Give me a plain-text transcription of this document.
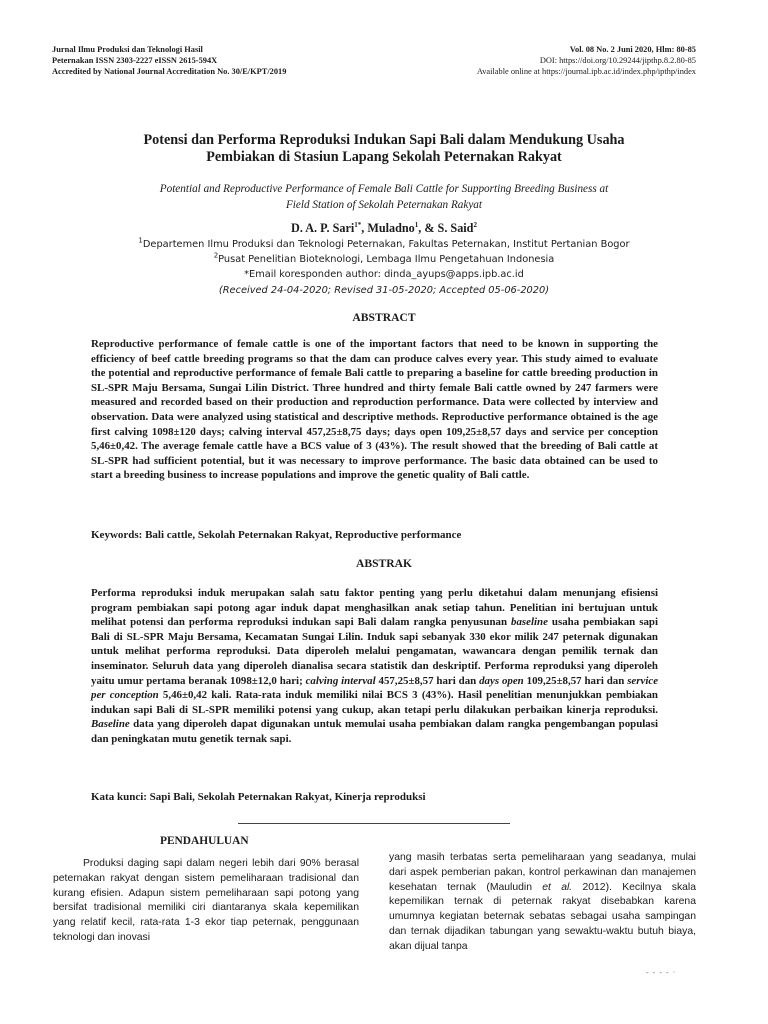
Jurnal Ilmu Produksi dan Teknologi Hasil
Peternakan ISSN 2303-2227 eISSN 2615-594X
Accredited by National Journal Accreditation No. 30/E/KPT/2019
Vol. 08 No. 2 Juni 2020, Hlm: 80-85
DOI: https://doi.org/10.29244/jipthp.8.2.80-85
Available online at https://journal.ipb.ac.id/index.php/ipthp/index
Potensi dan Performa Reproduksi Indukan Sapi Bali dalam Mendukung Usaha
Pembiakan di Stasiun Lapang Sekolah Peternakan Rakyat
Potential and Reproductive Performance of Female Bali Cattle for Supporting Breeding Business at
Field Station of Sekolah Peternakan Rakyat
D. A. P. Sari$^{1*}$, Muladno$^1$, & S. Said$^2$
$^1$Departemen Ilmu Produksi dan Teknologi Peternakan, Fakultas Peternakan, Institut Pertanian Bogor
$^2$Pusat Penelitian Bioteknologi, Lembaga Ilmu Pengetahuan Indonesia
*Email koresponden author: dinda_ayups@apps.ipb.ac.id
(Received 24-04-2020; Revised 31-05-2020; Accepted 05-06-2020)
ABSTRACT
Reproductive performance of female cattle is one of the important factors that need to be known in supporting the efficiency of beef cattle breeding programs so that the dam can produce calves every year. This study aimed to evaluate the potential and reproductive performance of female Bali cattle to preparing a baseline for cattle breeding production in SL-SPR Maju Bersama, Sungai Lilin District. Three hundred and thirty female Bali cattle owned by 247 farmers were measured and recorded based on their production and reproduction performance. Data were collected by interview and observation. Data were analyzed using statistical and descriptive methods. Reproductive performance obtained is the age first calving 1098±120 days; calving interval 457,25±8,75 days; days open 109,25±8,57 days and service per conception 5,46±0,42. The average female cattle have a BCS value of 3 (43%). The result showed that the breeding of Bali cattle at SL-SPR had sufficient potential, but it was necessary to improve performance. The basic data obtained can be used to start a breeding business to increase populations and improve the genetic quality of Bali cattle.
Keywords: Bali cattle, Sekolah Peternakan Rakyat, Reproductive performance
ABSTRAK
Performa reproduksi induk merupakan salah satu faktor penting yang perlu diketahui dalam menunjang efisiensi program pembiakan sapi potong agar induk dapat menghasilkan anak setiap tahun. Penelitian ini bertujuan untuk melihat potensi dan performa reproduksi indukan sapi Bali dalam rangka penyusunan baseline usaha pembiakan sapi Bali di SL-SPR Maju Bersama, Kecamatan Sungai Lilin. Induk sapi sebanyak 330 ekor milik 247 peternak digunakan untuk melihat performa reproduksi. Data diperoleh melalui pengamatan, wawancara dengan pemilik ternak dan inseminator. Seluruh data yang diperoleh dianalisa secara statistik dan deskriptif. Performa reproduksi yang diperoleh yaitu umur pertama beranak 1098±12,0 hari; calving interval 457,25±8,57 hari dan days open 109,25±8,57 hari dan service per conception 5,46±0,42 kali. Rata-rata induk memiliki nilai BCS 3 (43%). Hasil penelitian menunjukkan pembiakan indukan sapi Bali di SL-SPR memiliki potensi yang cukup, akan tetapi perlu dilakukan perbaikan kinerja reproduksi. Baseline data yang diperoleh dapat digunakan untuk memulai usaha pembiakan dalam rangka pengembangan populasi dan peningkatan mutu genetik ternak sapi.
Kata kunci: Sapi Bali, Sekolah Peternakan Rakyat, Kinerja reproduksi
PENDAHULUAN
Produksi daging sapi dalam negeri lebih dari 90% berasal peternakan rakyat dengan sistem pemeliharaan tradisional dan kurang efisien. Adapun sistem pemeliharaan sapi potong yang bersifat tradisional memiliki ciri diantaranya skala kepemilikan yang relatif kecil, rata-rata 1-3 ekor tiap peternak, penggunaan teknologi dan inovasi
yang masih terbatas serta pemeliharaan yang seadanya, mulai dari aspek pemberian pakan, kontrol perkawinan dan manajemen kesehatan ternak (Mauludin et al. 2012). Kecilnya skala kepemilikan ternak di peternak rakyat disebabkan karena umumnya kegiatan beternak sebatas sebagai usaha sampingan dan ternak dijadikan tabungan yang sewaktu-waktu butuh biaya, akan dijual tanpa
- - - - ·
